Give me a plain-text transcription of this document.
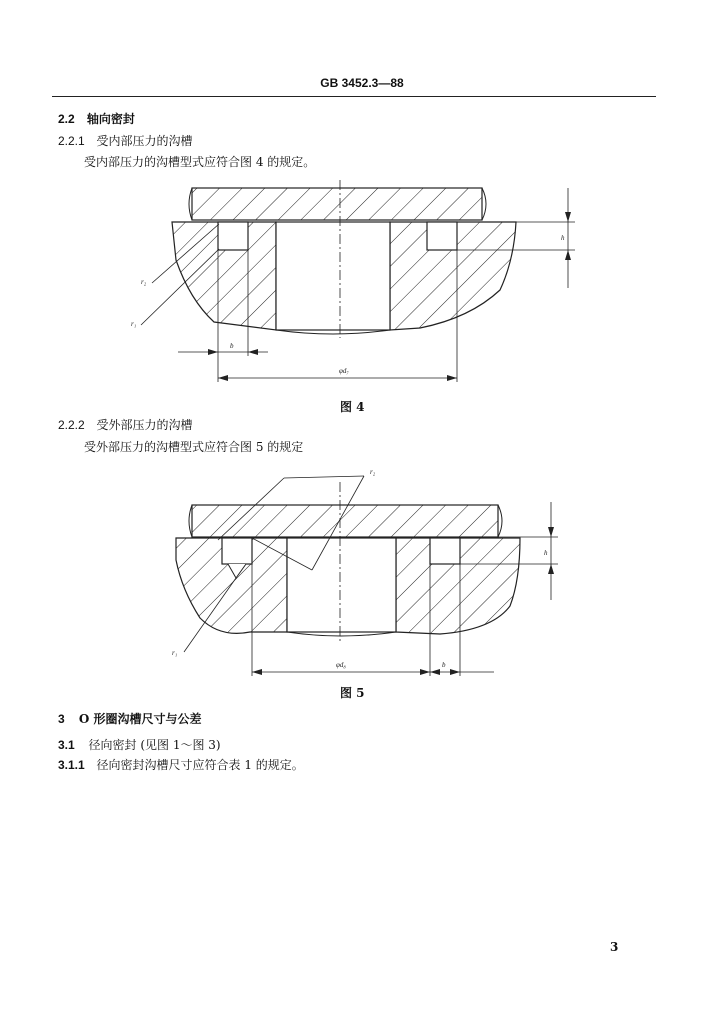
GB 3452.3—88
2.2 轴向密封
2.2.1 受内部压力的沟槽
受内部压力的沟槽型式应符合图 4 的规定。
h
r₂
r₁
b
φd₇
图 4
2.2.2 受外部压力的沟槽
受外部压力的沟槽型式应符合图 5 的规定
r₂
r₁
h
φd₈	b
图 5
3 O 形圈沟槽尺寸与公差
3.1 径向密封 (见图 1～图 3)
3.1.1 径向密封沟槽尺寸应符合表 1 的规定。
3
